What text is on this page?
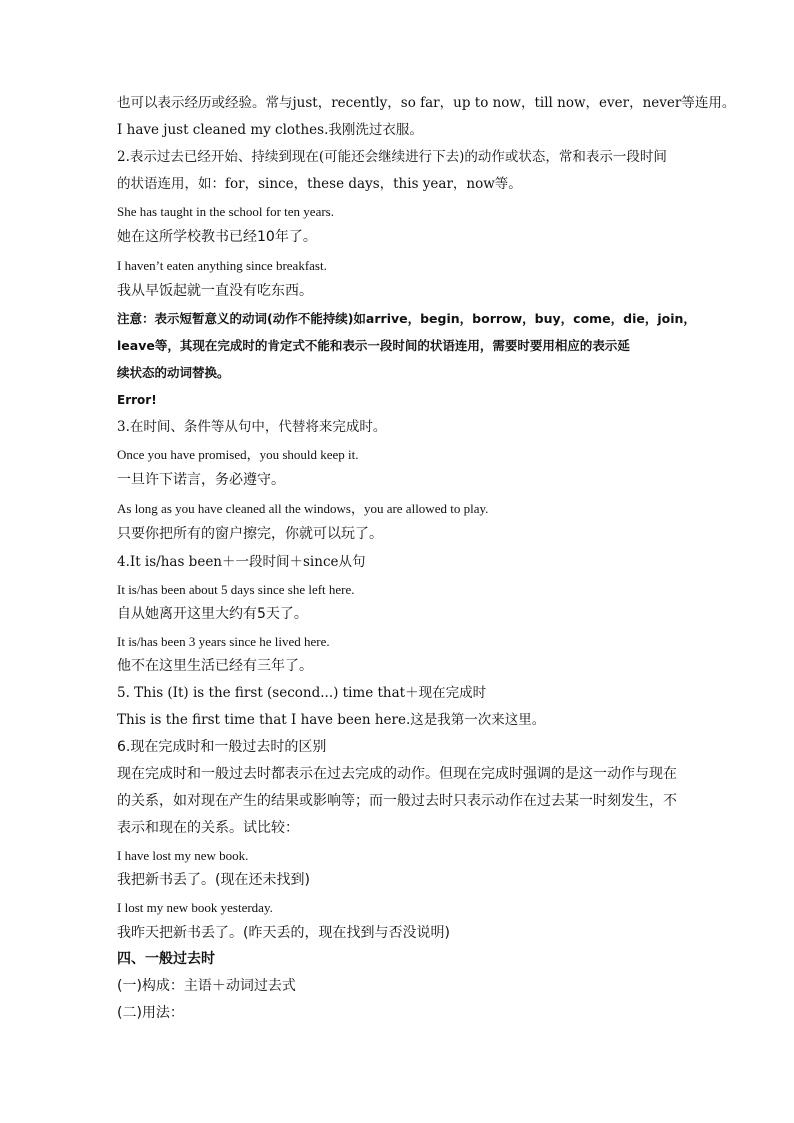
也可以表示经历或经验。常与just，recently，so far，up to now，till now，ever，never等连用。
I have just cleaned my clothes.我刚洗过衣服。
2.表示过去已经开始、持续到现在(可能还会继续进行下去)的动作或状态，常和表示一段时间
的状语连用，如：for，since，these days，this year，now等。
She has taught in the school for ten years.
她在这所学校教书已经10年了。
I haven’t eaten anything since breakfast.
我从早饭起就一直没有吃东西。
注意：表示短暂意义的动词(动作不能持续)如arrive，begin，borrow，buy，come，die，join，
leave等，其现在完成时的肯定式不能和表示一段时间的状语连用，需要时要用相应的表示延
续状态的动词替换。
Error!
3.在时间、条件等从句中，代替将来完成时。
Once you have promised，you should keep it.
一旦许下诺言，务必遵守。
As long as you have cleaned all the windows，you are allowed to play.
只要你把所有的窗户擦完，你就可以玩了。
4.It is/has been＋一段时间＋since从句
It is/has been about 5 days since she left here.
自从她离开这里大约有5天了。
It is/has been 3 years since he lived here.
他不在这里生活已经有三年了。
5. This (It) is the first (second...) time that＋现在完成时
This is the first time that I have been here.这是我第一次来这里。
6.现在完成时和一般过去时的区别
现在完成时和一般过去时都表示在过去完成的动作。但现在完成时强调的是这一动作与现在
的关系，如对现在产生的结果或影响等；而一般过去时只表示动作在过去某一时刻发生，不
表示和现在的关系。试比较：
I have lost my new book.
我把新书丢了。(现在还未找到)
I lost my new book yesterday.
我昨天把新书丢了。(昨天丢的，现在找到与否没说明)
四、一般过去时
(一)构成：主语＋动词过去式
(二)用法：
